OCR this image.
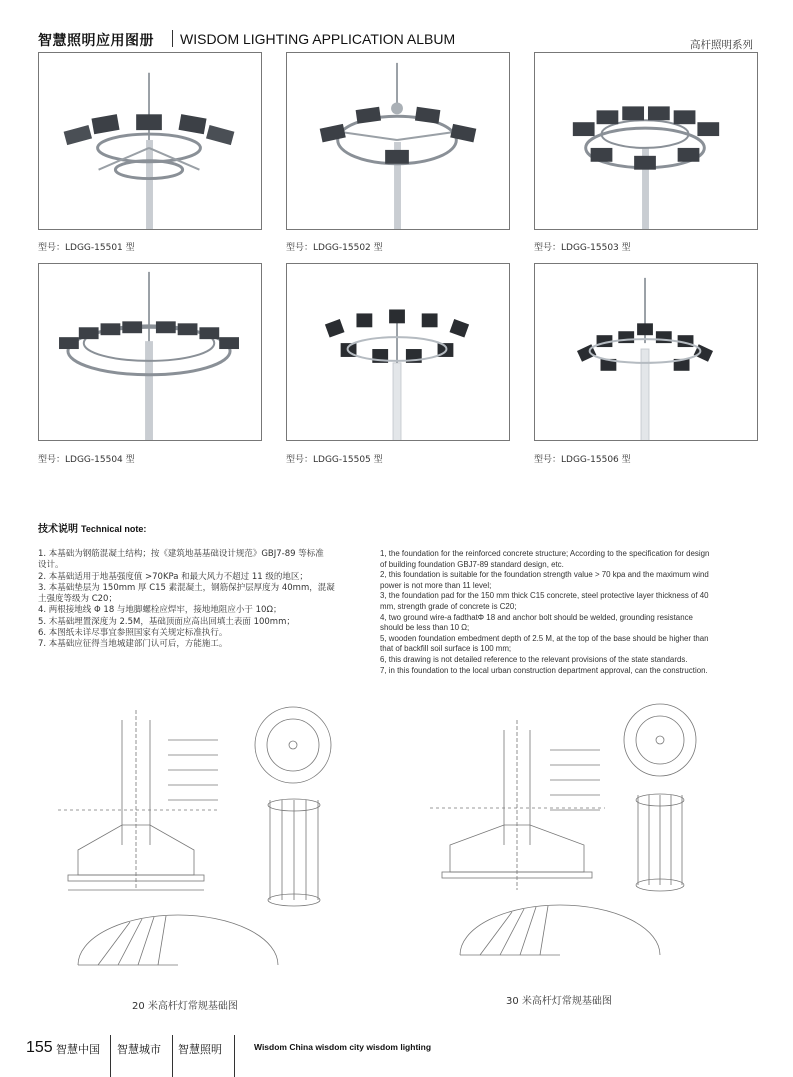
智慧照明应用图册 WISDOM LIGHTING APPLICATION ALBUM	高杆照明系列
型号：LDGG-15501 型	型号：LDGG-15502 型	型号：LDGG-15503 型
型号：LDGG-15504 型	型号：LDGG-15505 型	型号：LDGG-15506 型
技术说明 Technical note:
1. 本基础为钢筋混凝土结构；按《建筑地基基础设计规范》GBJ7-89 等标准
设计。
2. 本基础适用于地基强度值 >70KPa 和最大风力不超过 11 级的地区；
3. 本基础垫层为 150mm 厚 C15 素混凝土，钢筋保护层厚度为 40mm，混凝
土强度等级为 C20；
4. 两根接地线 Φ 18 与地脚螺栓应焊牢，接地地阻应小于 10Ω；
5. 木基础埋置深度为 2.5M，基础顶面应高出回填土表面 100mm；
6. 本图纸未详尽事宜参照国家有关规定标准执行。
7. 本基础应征得当地城建部门认可后，方能施工。
1, the foundation for the reinforced concrete structure; According to the specification for design
of building foundation GBJ7-89 standard design, etc.
2, this foundation is suitable for the foundation strength value > 70 kpa and the maximum wind
power is not more than 11 level;
3, the foundation pad for the 150 mm thick C15 concrete, steel protective layer thickness of 40
mm, strength grade of concrete is C20;
4, two ground wire-a fadthatΦ 18 and anchor bolt should be welded, grounding resistance
should be less than 10 Ω;
5, wooden foundation embedment depth of 2.5 M, at the top of the base should be higher than
that of backfill soil surface is 100 mm;
6, this drawing is not detailed reference to the relevant provisions of the state standards.
7, in this foundation to the local urban construction department approval, can the construction.
20 米高杆灯常规基础图	30 米高杆灯常规基础图
155 智慧中国 智慧城市 智慧照明	Wisdom China wisdom city wisdom lighting
